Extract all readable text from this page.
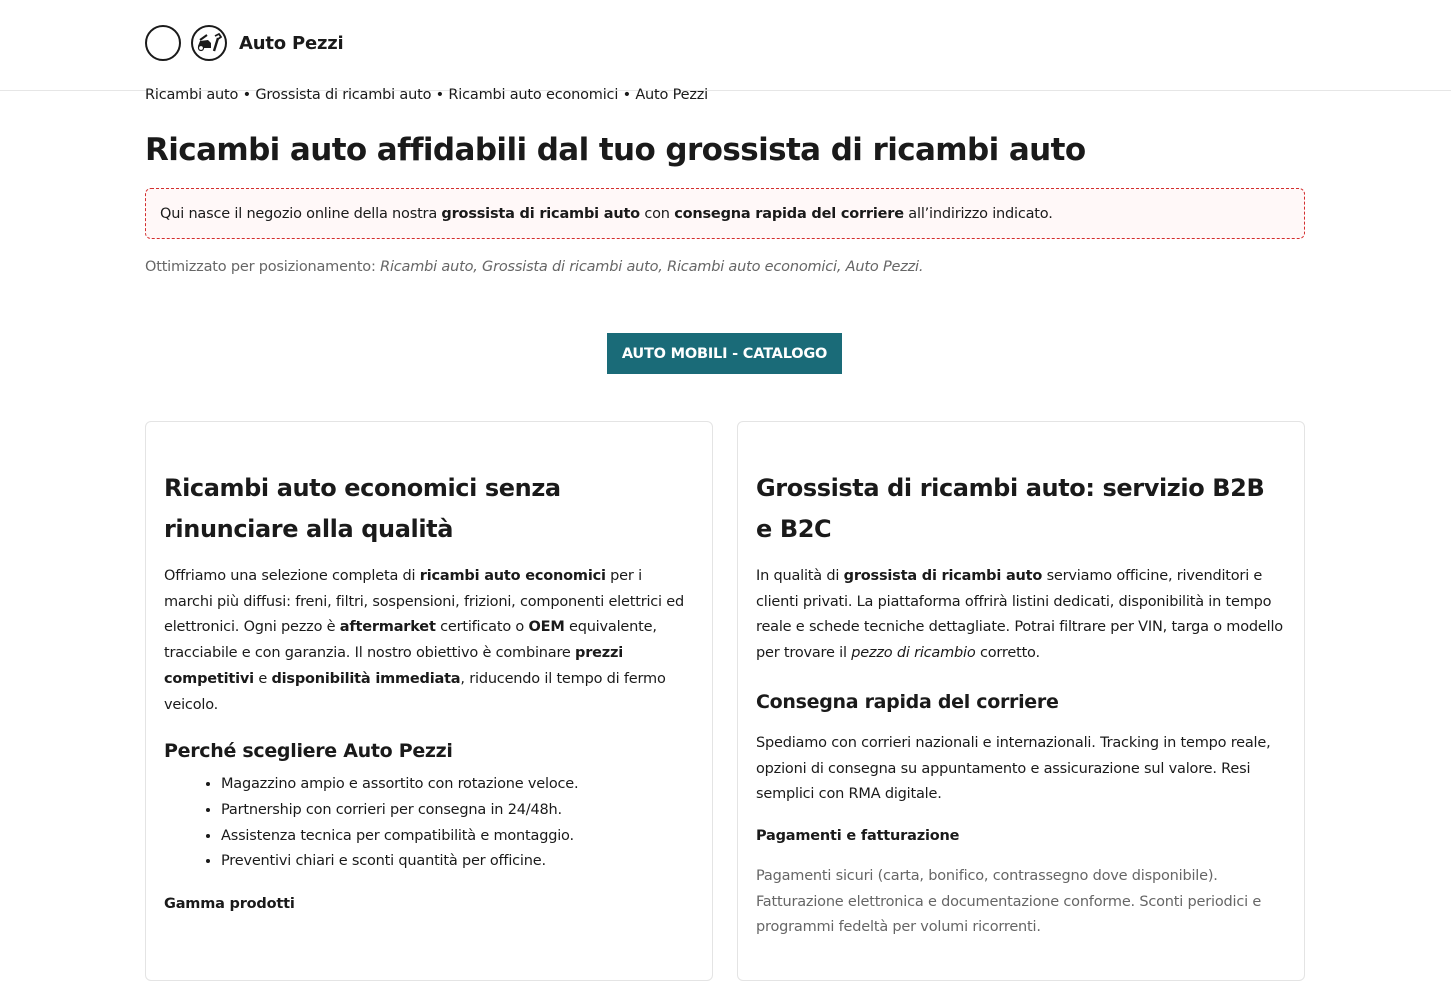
Auto Pezzi
Ricambi auto • Grossista di ricambi auto • Ricambi auto economici • Auto Pezzi
Ricambi auto affidabili dal tuo grossista di ricambi auto
Qui nasce il negozio online della nostra grossista di ricambi auto con consegna rapida del corriere all’indirizzo indicato.
Ottimizzato per posizionamento: Ricambi auto, Grossista di ricambi auto, Ricambi auto economici, Auto Pezzi.
AUTO MOBILI - CATALOGO
Ricambi auto economici senza rinunciare alla qualità

Offriamo una selezione completa di ricambi auto economici per i marchi più diffusi: freni, filtri, sospensioni, frizioni, componenti elettrici ed elettronici. Ogni pezzo è aftermarket certificato o OEM equivalente, tracciabile e con garanzia. Il nostro obiettivo è combinare prezzi competitivi e disponibilità immediata, riducendo il tempo di fermo veicolo.

Perché scegliere Auto Pezzi
• Magazzino ampio e assortito con rotazione veloce.
• Partnership con corrieri per consegna in 24/48h.
• Assistenza tecnica per compatibilità e montaggio.
• Preventivi chiari e sconti quantità per officine.
Gamma prodotti
Grossista di ricambi auto: servizio B2B e B2C

In qualità di grossista di ricambi auto serviamo officine, rivenditori e clienti privati. La piattaforma offrirà listini dedicati, disponibilità in tempo reale e schede tecniche dettagliate. Potrai filtrare per VIN, targa o modello per trovare il pezzo di ricambio corretto.

Consegna rapida del corriere

Spediamo con corrieri nazionali e internazionali. Tracking in tempo reale, opzioni di consegna su appuntamento e assicurazione sul valore. Resi semplici con RMA digitale.

Pagamenti e fatturazione

Pagamenti sicuri (carta, bonifico, contrassegno dove disponibile). Fatturazione elettronica e documentazione conforme. Sconti periodici e programmi fedeltà per volumi ricorrenti.
